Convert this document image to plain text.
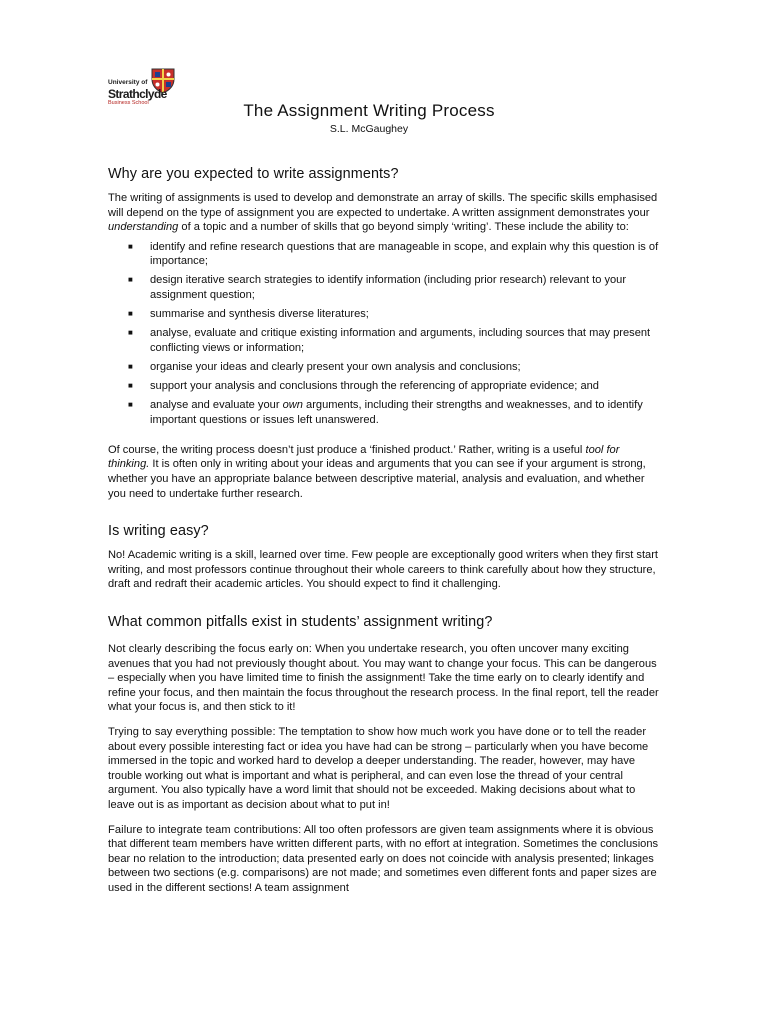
University of
Strathclyde
Business School	The Assignment Writing Process
S.L. McGaughey
Why are you expected to write assignments?

The writing of assignments is used to develop and demonstrate an array of skills. The specific skills emphasised will depend on the type of assignment you are expected to undertake. A written assignment demonstrates your understanding of a topic and a number of skills that go beyond simply ‘writing’. These include the ability to:

■ identify and refine research questions that are manageable in scope, and explain why this question is of importance;
■ design iterative search strategies to identify information (including prior research) relevant to your assignment question;
■ summarise and synthesis diverse literatures;
■ analyse, evaluate and critique existing information and arguments, including sources that may present conflicting views or information;
■ organise your ideas and clearly present your own analysis and conclusions;
■ support your analysis and conclusions through the referencing of appropriate evidence; and
■ analyse and evaluate your own arguments, including their strengths and weaknesses, and to identify important questions or issues left unanswered.

Of course, the writing process doesn’t just produce a ‘finished product.’ Rather, writing is a useful tool for thinking. It is often only in writing about your ideas and arguments that you can see if your argument is strong, whether you have an appropriate balance between descriptive material, analysis and evaluation, and whether you need to undertake further research.

Is writing easy?

No! Academic writing is a skill, learned over time. Few people are exceptionally good writers when they first start writing, and most professors continue throughout their whole careers to think carefully about how they structure, draft and redraft their academic articles. You should expect to find it challenging.

What common pitfalls exist in students’ assignment writing?

Not clearly describing the focus early on: When you undertake research, you often uncover many exciting avenues that you had not previously thought about. You may want to change your focus. This can be dangerous – especially when you have limited time to finish the assignment! Take the time early on to clearly identify and refine your focus, and then maintain the focus throughout the research process. In the final report, tell the reader what your focus is, and then stick to it!

Trying to say everything possible: The temptation to show how much work you have done or to tell the reader about every possible interesting fact or idea you have had can be strong – particularly when you have become immersed in the topic and worked hard to develop a deeper understanding. The reader, however, may have trouble working out what is important and what is peripheral, and can even lose the thread of your central argument. You also typically have a word limit that should not be exceeded. Making decisions about what to leave out is as important as decision about what to put in!

Failure to integrate team contributions: All too often professors are given team assignments where it is obvious that different team members have written different parts, with no effort at integration. Sometimes the conclusions bear no relation to the introduction; data presented early on does not coincide with analysis presented; linkages between two sections (e.g. comparisons) are not made; and sometimes even different fonts and paper sizes are used in the different sections! A team assignment
